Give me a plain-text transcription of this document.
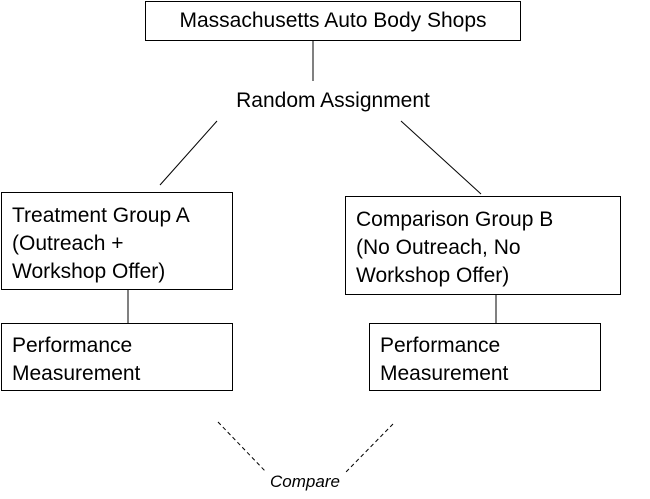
Massachusetts Auto Body Shops
Random Assignment
Treatment Group A
(Outreach +
Workshop Offer)
Comparison Group B
(No Outreach, No
Workshop Offer)
Performance
Measurement
Performance
Measurement
Compare
